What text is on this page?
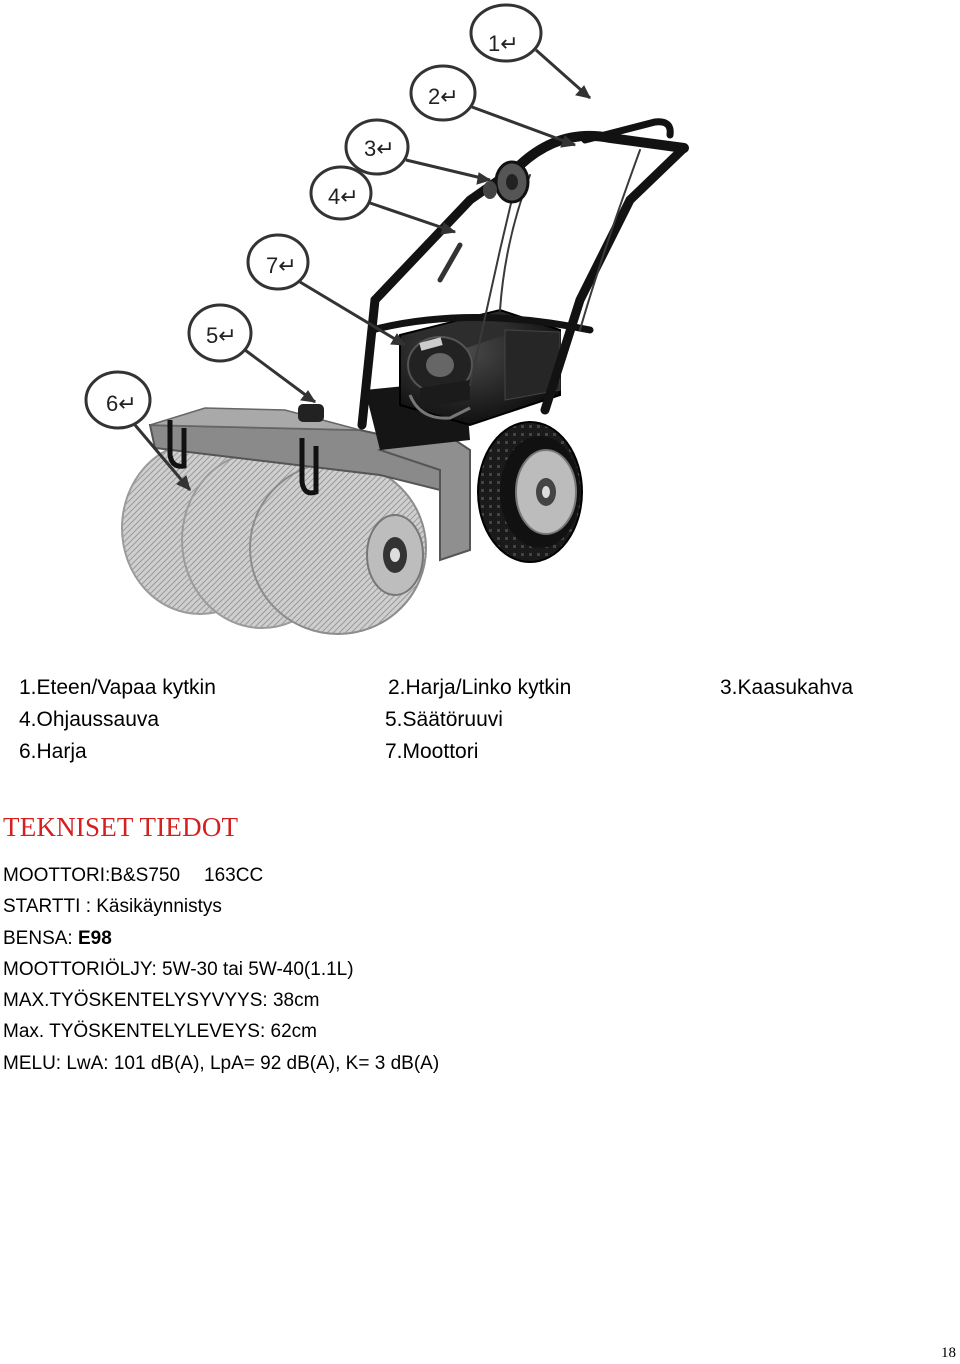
1↵
2↵
3↵
4↵
7↵
5↵
6↵
1.Eteen/Vapaa kytkin	2.Harja/Linko kytkin	3.Kaasukahva
4.Ohjaussauva	5.Säätöruuvi
6.Harja	7.Moottori
TEKNISET TIEDOT
MOOTTORI:B&S750 163CC
STARTTI : Käsikäynnistys
BENSA: E98
MOOTTORIÖLJY: 5W-30 tai 5W-40(1.1L)
MAX.TYÖSKENTELYSYVYYS: 38cm
Max. TYÖSKENTELYLEVEYS: 62cm
MELU: LwA: 101 dB(A), LpA= 92 dB(A), K= 3 dB(A)
18
